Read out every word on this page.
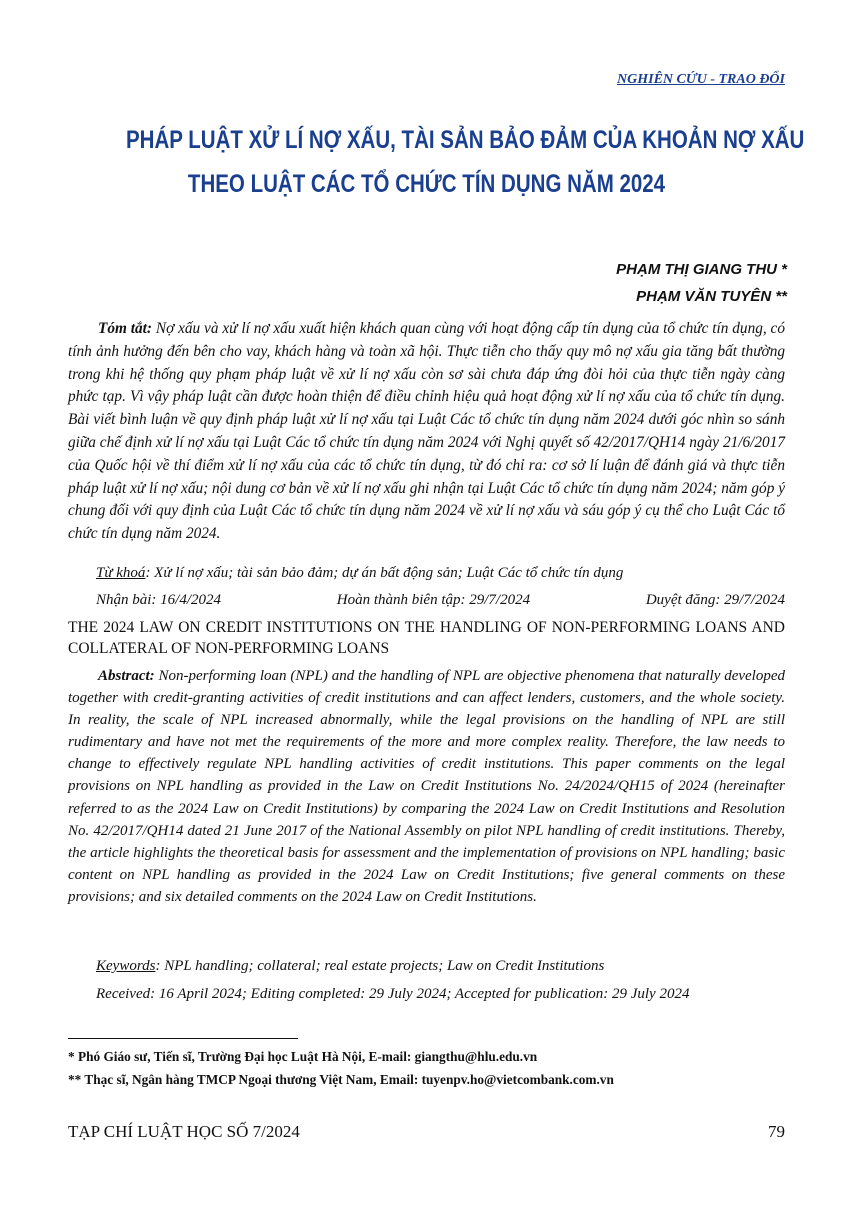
NGHIÊN CỨU - TRAO ĐỔI
PHÁP LUẬT XỬ LÍ NỢ XẤU, TÀI SẢN BẢO ĐẢM CỦA KHOẢN NỢ XẤU
THEO LUẬT CÁC TỔ CHỨC TÍN DỤNG NĂM 2024
PHẠM THỊ GIANG THU *
PHẠM VĂN TUYÊN **
Tóm tắt: Nợ xấu và xử lí nợ xấu xuất hiện khách quan cùng với hoạt động cấp tín dụng của tổ chức tín dụng, có tính ảnh hưởng đến bên cho vay, khách hàng và toàn xã hội. Thực tiễn cho thấy quy mô nợ xấu gia tăng bất thường trong khi hệ thống quy phạm pháp luật về xử lí nợ xấu còn sơ sài chưa đáp ứng đòi hỏi của thực tiễn ngày càng phức tạp. Vì vậy pháp luật cần được hoàn thiện để điều chỉnh hiệu quả hoạt động xử lí nợ xấu của tổ chức tín dụng. Bài viết bình luận về quy định pháp luật xử lí nợ xấu tại Luật Các tổ chức tín dụng năm 2024 dưới góc nhìn so sánh giữa chế định xử lí nợ xấu tại Luật Các tổ chức tín dụng năm 2024 với Nghị quyết số 42/2017/QH14 ngày 21/6/2017 của Quốc hội về thí điểm xử lí nợ xấu của các tổ chức tín dụng, từ đó chỉ ra: cơ sở lí luận để đánh giá và thực tiễn pháp luật xử lí nợ xấu; nội dung cơ bản về xử lí nợ xấu ghi nhận tại Luật Các tổ chức tín dụng năm 2024; năm góp ý chung đối với quy định của Luật Các tổ chức tín dụng năm 2024 về xử lí nợ xấu và sáu góp ý cụ thể cho Luật Các tổ chức tín dụng năm 2024.
Từ khoá: Xử lí nợ xấu; tài sản bảo đảm; dự án bất động sản; Luật Các tổ chức tín dụng
Nhận bài: 16/4/2024	Hoàn thành biên tập: 29/7/2024	Duyệt đăng: 29/7/2024
THE 2024 LAW ON CREDIT INSTITUTIONS ON THE HANDLING OF NON-PERFORMING LOANS AND COLLATERAL OF NON-PERFORMING LOANS
Abstract: Non-performing loan (NPL) and the handling of NPL are objective phenomena that naturally developed together with credit-granting activities of credit institutions and can affect lenders, customers, and the whole society. In reality, the scale of NPL increased abnormally, while the legal provisions on the handling of NPL are still rudimentary and have not met the requirements of the more and more complex reality. Therefore, the law needs to change to effectively regulate NPL handling activities of credit institutions. This paper comments on the legal provisions on NPL handling as provided in the Law on Credit Institutions No. 24/2024/QH15 of 2024 (hereinafter referred to as the 2024 Law on Credit Institutions) by comparing the 2024 Law on Credit Institutions and Resolution No. 42/2017/QH14 dated 21 June 2017 of the National Assembly on pilot NPL handling of credit institutions. Thereby, the article highlights the theoretical basis for assessment and the implementation of provisions on NPL handling; basic content on NPL handling as provided in the 2024 Law on Credit Institutions; five general comments on these provisions; and six detailed comments on the 2024 Law on Credit Institutions.
Keywords: NPL handling; collateral; real estate projects; Law on Credit Institutions
Received: 16 April 2024; Editing completed: 29 July 2024; Accepted for publication: 29 July 2024
* Phó Giáo sư, Tiến sĩ, Trường Đại học Luật Hà Nội, E-mail: giangthu@hlu.edu.vn
** Thạc sĩ, Ngân hàng TMCP Ngoại thương Việt Nam, Email: tuyenpv.ho@vietcombank.com.vn
TẠP CHÍ LUẬT HỌC SỐ 7/2024	79
